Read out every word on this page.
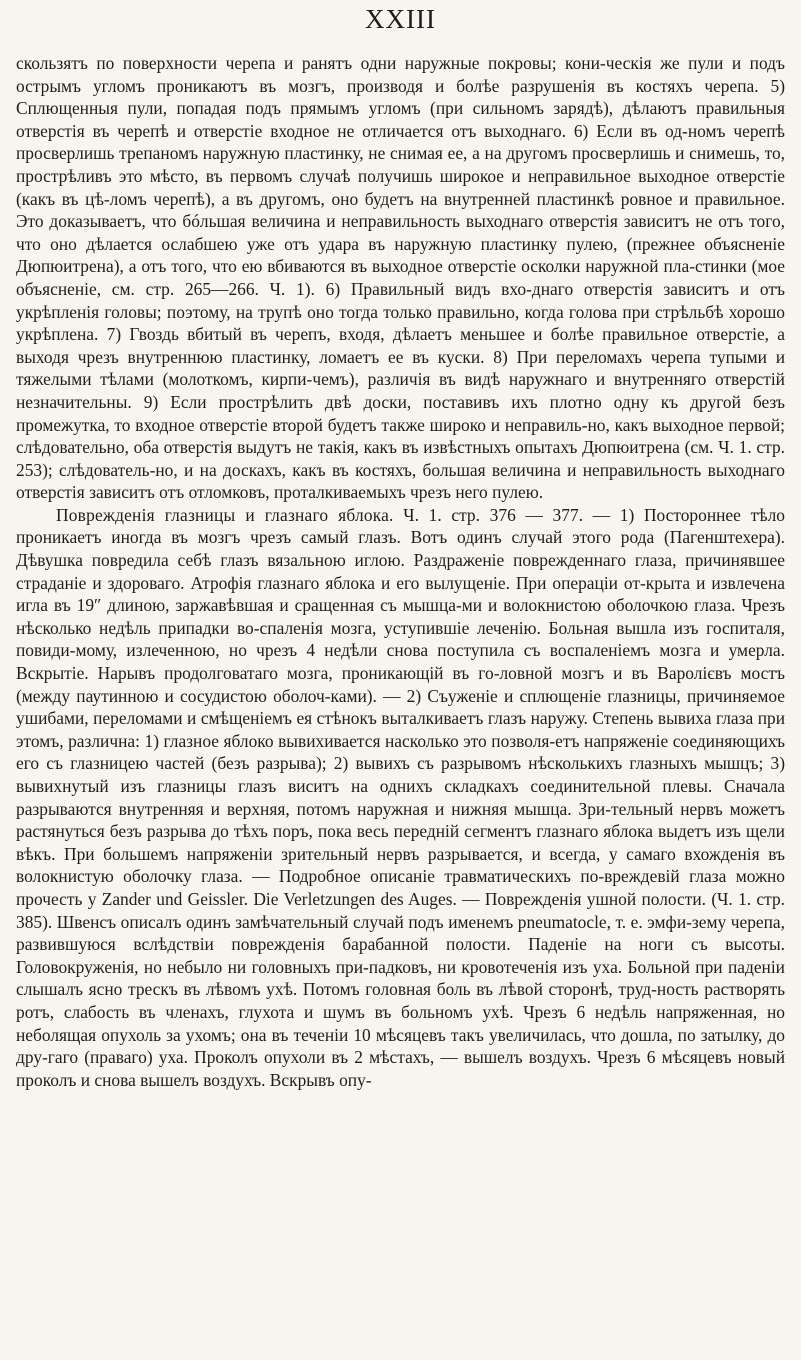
XXIII

скользятъ по поверхности черепа и ранятъ одни наружные покровы; кони-ческія же пули и подъ острымъ угломъ проникаютъ въ мозгъ, производя и болѣе разрушенія въ костяхъ черепа. 5) Сплющенныя пули, попадая подъ прямымъ угломъ (при сильномъ зарядѣ), дѣлаютъ правильныя отверстія въ черепѣ и отверстіе входное не отличается отъ выходнаго. 6) Если въ од-номъ черепѣ просверлишь трепаномъ наружную пластинку, не снимая ее, а на другомъ просверлишь и снимешь, то, прострѣливъ это мѣсто, въ первомъ случаѣ получишь широкое и неправильное выходное отверстіе (какъ въ цѣ-ломъ черепѣ), а въ другомъ, оно будетъ на внутренней пластинкѣ ровное и правильное. Это доказываетъ, что бóльшая величина и неправильность выходнаго отверстія зависитъ не отъ того, что оно дѣлается ослабшею уже отъ удара въ наружную пластинку пулею, (прежнее объясненіе Дюпюитрена), а отъ того, что ею вбиваются въ выходное отверстіе осколки наружной пла-стинки (мое объясненіе, см. стр. 265—266. Ч. 1). 6) Правильный видъ вхо-днаго отверстія зависитъ и отъ укрѣпленія головы; поэтому, на трупѣ оно тогда только правильно, когда голова при стрѣльбѣ хорошо укрѣплена. 7) Гвоздь вбитый въ черепъ, входя, дѣлаетъ меньшее и болѣе правильное отверстіе, а выходя чрезъ внутреннюю пластинку, ломаетъ ее въ куски. 8) При переломахъ черепа тупыми и тяжелыми тѣлами (молоткомъ, кирпи-чемъ), различія въ видѣ наружнаго и внутренняго отверстій незначительны. 9) Если прострѣлить двѣ доски, поставивъ ихъ плотно одну къ другой безъ промежутка, то входное отверстіе второй будетъ также широко и неправиль-но, какъ выходное первой; слѣдовательно, оба отверстія выдутъ не такія, какъ въ извѣстныхъ опытахъ Дюпюитрена (см. Ч. 1. стр. 253); слѣдователь-но, и на доскахъ, какъ въ костяхъ, большая величина и неправильность выходнаго отверстія зависитъ отъ отломковъ, проталкиваемыхъ чрезъ него пулею.

Поврежденія глазницы и глазнаго яблока. Ч. 1. стр. 376 — 377. — 1) Постороннее тѣло проникаетъ иногда въ мозгъ чрезъ самый глазъ. Вотъ одинъ случай этого рода (Пагенштехера). Дѣвушка повредила себѣ глазъ вязальною иглою. Раздраженіе поврежденнаго глаза, причинявшее страданіе и здороваго. Атрофія глазнаго яблока и его вылущеніе. При операціи от-крыта и извлечена игла въ 19″ длиною, заржавѣвшая и сращенная съ мышца-ми и волокнистою оболочкою глаза. Чрезъ нѣсколько недѣль припадки во-спаленія мозга, уступившіе леченію. Больная вышла изъ госпиталя, повиди-мому, излеченною, но чрезъ 4 недѣли снова поступила съ воспаленіемъ мозга и умерла. Вскрытіе. Нарывъ продолговатаго мозга, проникающій въ го-ловной мозгъ и въ Варолієвъ мостъ (между паутинною и сосудистою оболоч-ками). — 2) Съуженіе и сплющеніе глазницы, причиняемое ушибами, переломами и смѣщеніемъ ея стѣнокъ выталкиваетъ глазъ наружу. Степень вывиха глаза при этомъ, различна: 1) глазное яблоко вывихивается насколько это позволя-етъ напряженіе соединяющихъ его съ глазницею частей (безъ разрыва); 2) вывихъ съ разрывомъ нѣсколькихъ глазныхъ мышцъ; 3) вывихнутый изъ глазницы глазъ виситъ на однихъ складкахъ соединительной плевы. Сначала разрываются внутренняя и верхняя, потомъ наружная и нижняя мышца. Зри-тельный нервъ можетъ растянуться безъ разрыва до тѣхъ поръ, пока весь передній сегментъ глазнаго яблока выдетъ изъ щели вѣкъ. При большемъ напряженіи зрительный нервъ разрывается, и всегда, у самаго вхожденія въ волокнистую оболочку глаза. — Подробное описаніе травматическихъ по-вреждевій глаза можно прочесть у Zander und Geissler. Die Verletzungen des Auges. — Поврежденія ушной полости. (Ч. 1. стр. 385). Швенсъ описалъ одинъ замѣчательный случай подъ именемъ pneumatocle, т. е. эмфи-зему черепа, развившуюся вслѣдствіи поврежденія барабанной полости. Паденіе на ноги съ высоты. Головокруженія, но небыло ни головныхъ при-падковъ, ни кровотеченія изъ уха. Больной при паденіи слышалъ ясно трескъ въ лѣвомъ ухѣ. Потомъ головная боль въ лѣвой сторонѣ, труд-ность растворять ротъ, слабость въ членахъ, глухота и шумъ въ больномъ ухѣ. Чрезъ 6 недѣль напряженная, но неболящая опухоль за ухомъ; она въ теченіи 10 мѣсяцевъ такъ увеличилась, что дошла, по затылку, до дру-гаго (праваго) уха. Проколъ опухоли въ 2 мѣстахъ, — вышелъ воздухъ. Чрезъ 6 мѣсяцевъ новый проколъ и снова вышелъ воздухъ. Вскрывъ опу-
